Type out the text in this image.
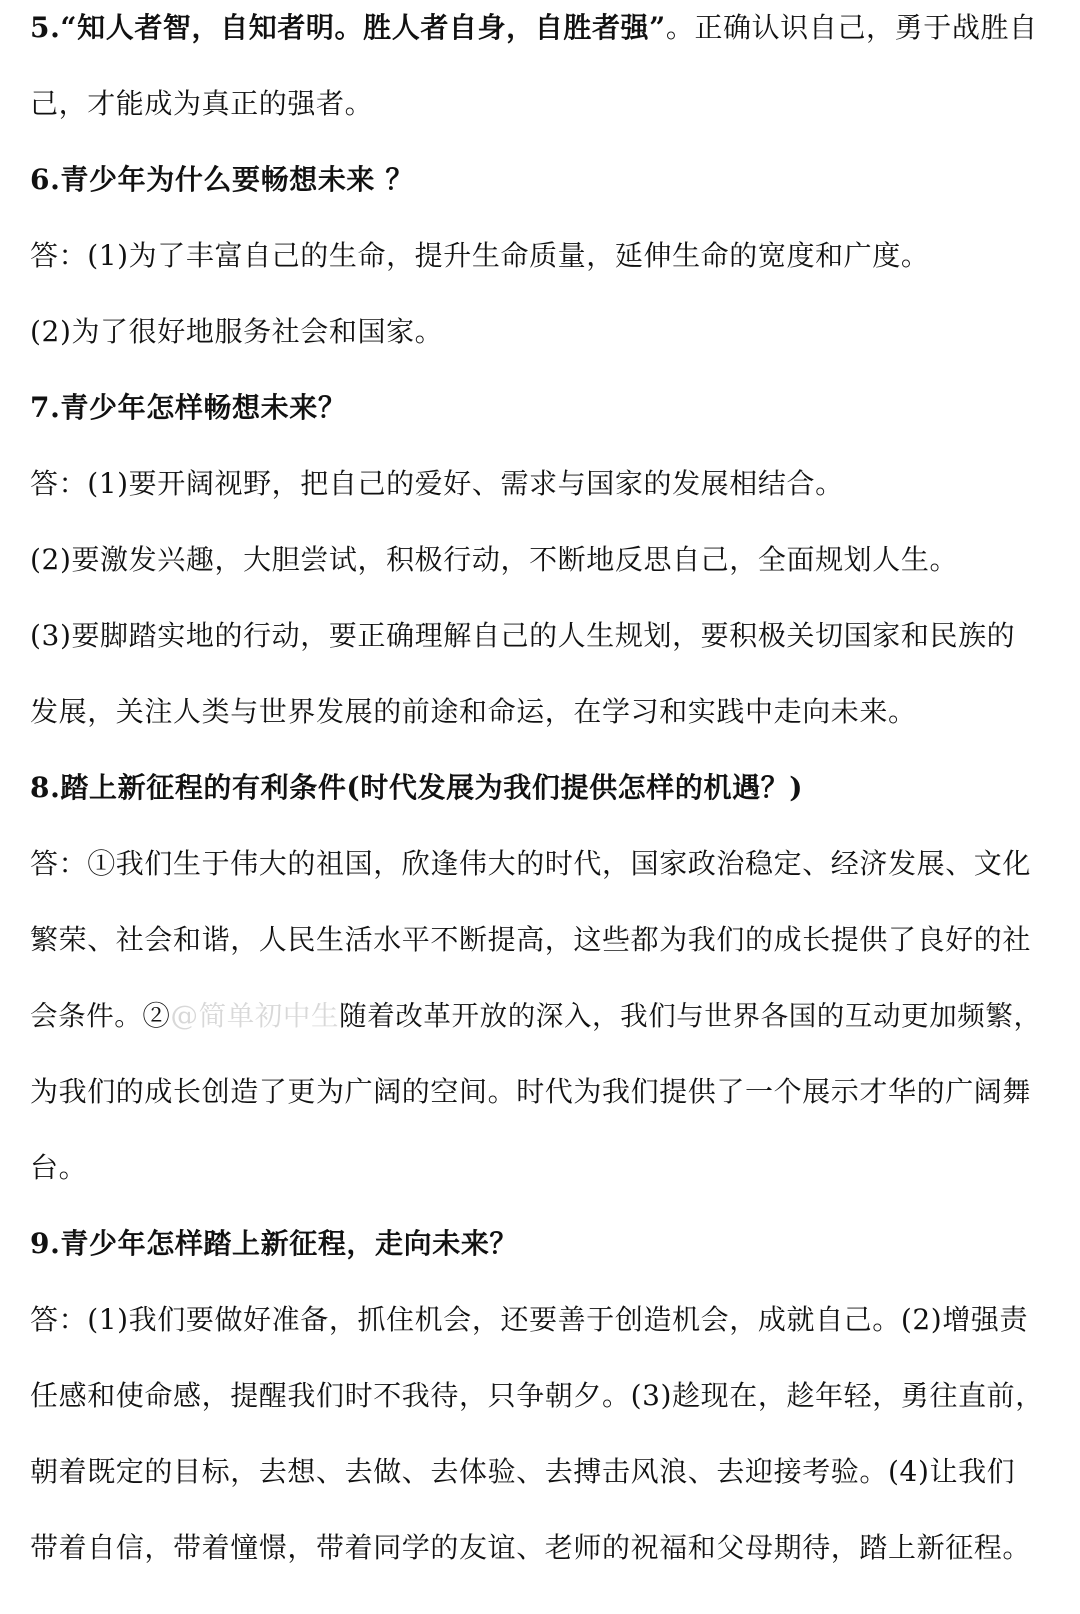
5.“知人者智，自知者明。胜人者自身，自胜者强”。正确认识自己，勇于战胜自
己，才能成为真正的强者。
6.青少年为什么要畅想未来 ？
答：(1)为了丰富自己的生命，提升生命质量，延伸生命的宽度和广度。
(2)为了很好地服务社会和国家。
7.青少年怎样畅想未来？
答：(1)要开阔视野，把自己的爱好、需求与国家的发展相结合。
(2)要激发兴趣，大胆尝试，积极行动，不断地反思自己，全面规划人生。
(3)要脚踏实地的行动，要正确理解自己的人生规划，要积极关切国家和民族的
发展，关注人类与世界发展的前途和命运，在学习和实践中走向未来。
8.踏上新征程的有利条件(时代发展为我们提供怎样的机遇？)
答：①我们生于伟大的祖国，欣逢伟大的时代，国家政治稳定、经济发展、文化
繁荣、社会和谐，人民生活水平不断提高，这些都为我们的成长提供了良好的社
会条件。②@简单初中生随着改革开放的深入，我们与世界各国的互动更加频繁，
为我们的成长创造了更为广阔的空间。时代为我们提供了一个展示才华的广阔舞
台。
9.青少年怎样踏上新征程，走向未来？
答：(1)我们要做好准备，抓住机会，还要善于创造机会，成就自己。(2)增强责
任感和使命感，提醒我们时不我待，只争朝夕。(3)趁现在，趁年轻，勇往直前，
朝着既定的目标，去想、去做、去体验、去搏击风浪、去迎接考验。(4)让我们
带着自信，带着憧憬，带着同学的友谊、老师的祝福和父母期待，踏上新征程。
